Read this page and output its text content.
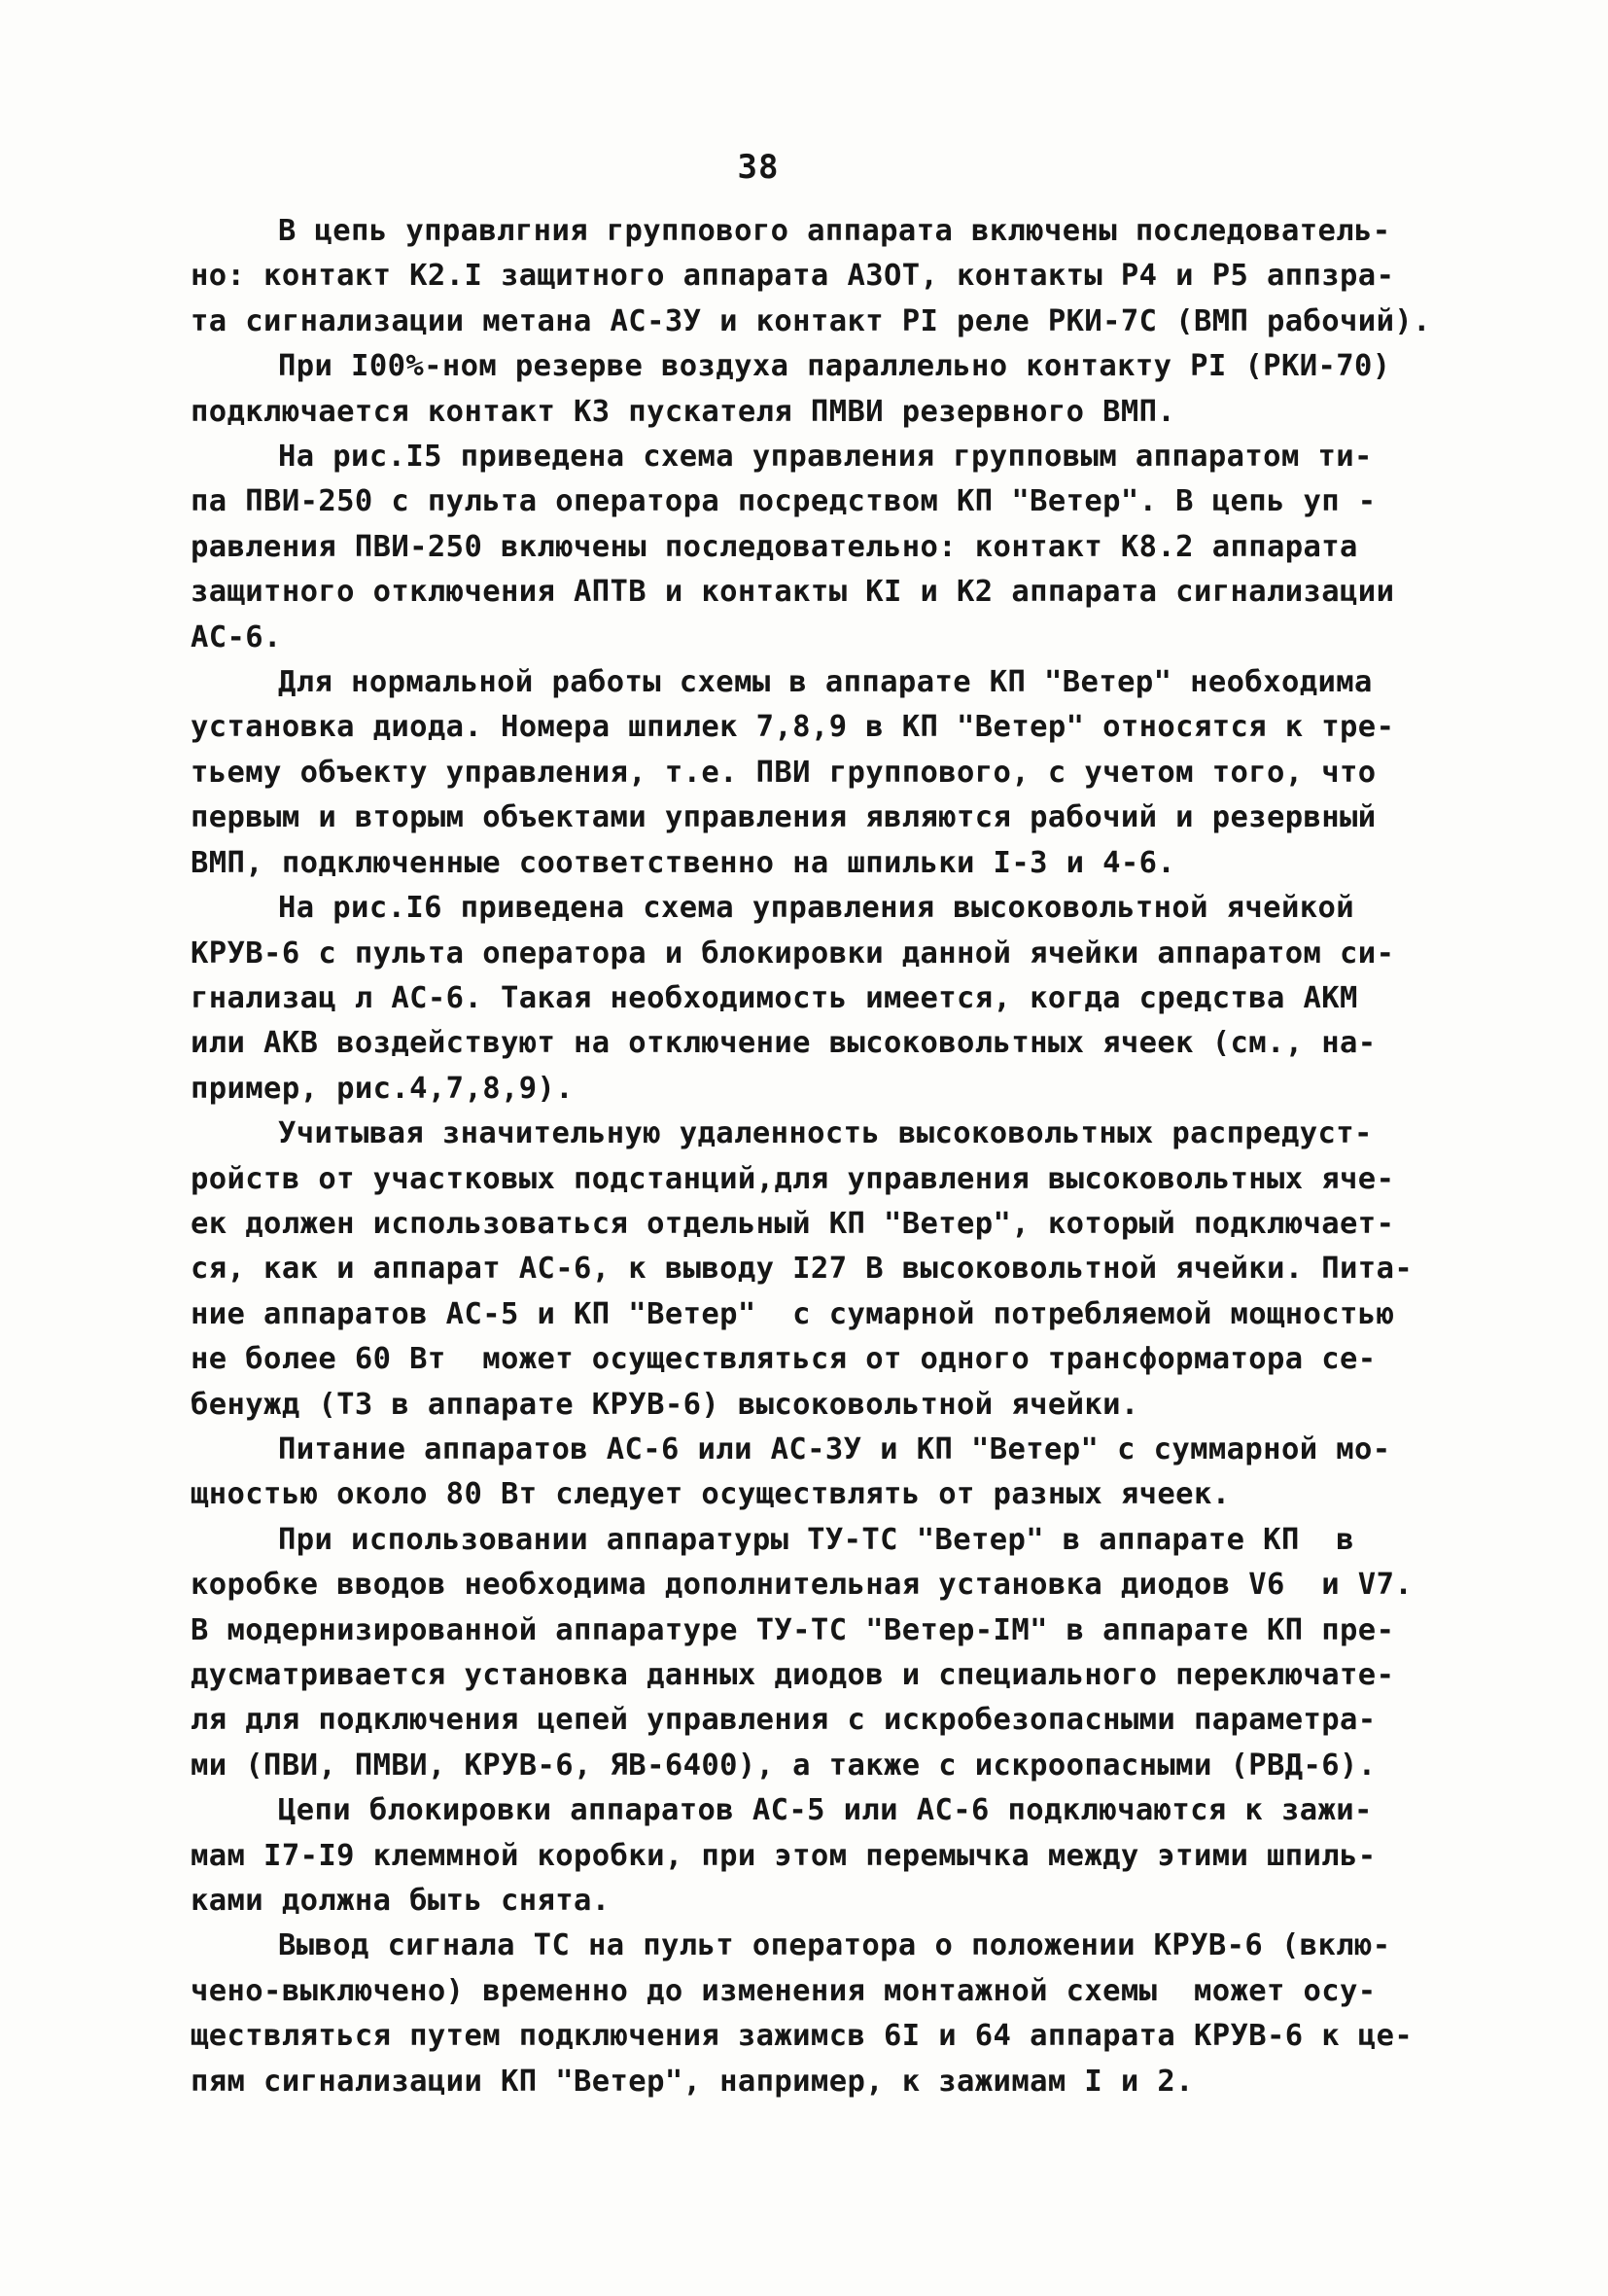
38
В цепь управлгния группового аппарата включены последователь-
но: контакт К2.I защитного аппарата АЗОТ, контакты Р4 и Р5 аппзра-
та сигнализации метана АС-ЗУ и контакт РI реле РКИ-7С (ВМП рабочий).
При I00%-ном резерве воздуха параллельно контакту РI (РКИ-70)
подключается контакт КЗ пускателя ПМВИ резервного ВМП.
На рис.I5 приведена схема управления групповым аппаратом ти-
па ПВИ-250 с пульта оператора посредством КП "Ветер". В цепь уп -
равления ПВИ-250 включены последовательно: контакт К8.2 аппарата
защитного отключения АПТВ и контакты КI и К2 аппарата сигнализации
АС-6.
Для нормальной работы схемы в аппарате КП "Ветер" необходима
установка диода. Номера шпилек 7,8,9 в КП "Ветер" относятся к тре-
тьему объекту управления, т.е. ПВИ группового, с учетом того, что
первым и вторым объектами управления являются рабочий и резервный
ВМП, подключенные соответственно на шпильки I-3 и 4-6.
На рис.I6 приведена схема управления высоковольтной ячейкой
КРУВ-6 с пульта оператора и блокировки данной ячейки аппаратом си-
гнализац л АС-6. Такая необходимость имеется, когда средства АКМ
или АКВ воздействуют на отключение высоковольтных ячеек (см., на-
пример, рис.4,7,8,9).
Учитывая значительную удаленность высоковольтных распредуст-
ройств от участковых подстанций,для управления высоковольтных яче-
ек должен использоваться отдельный КП "Ветер", который подключает-
ся, как и аппарат АС-6, к выводу I27 В высоковольтной ячейки. Пита-
ние аппаратов АС-5 и КП "Ветер"  с сумарной потребляемой мощностью
не более 60 Вт  может осуществляться от одного трансформатора се-
бенужд (ТЗ в аппарате КРУВ-6) высоковольтной ячейки.
Питание аппаратов АС-6 или АС-ЗУ и КП "Ветер" с суммарной мо-
щностью около 80 Вт следует осуществлять от разных ячеек.
При использовании аппаратуры ТУ-ТС "Ветер" в аппарате КП  в
коробке вводов необходима дополнительная установка диодов V6  и V7.
В модернизированной аппаратуре ТУ-ТС "Ветер-IМ" в аппарате КП пре-
дусматривается установка данных диодов и специального переключате-
ля для подключения цепей управления с искробезопасными параметра-
ми (ПВИ, ПМВИ, КРУВ-6, ЯВ-6400), а также с искроопасными (РВД-6).
Цепи блокировки аппаратов АС-5 или АС-6 подключаются к зажи-
мам I7-I9 клеммной коробки, при этом перемычка между этими шпиль-
ками должна быть снята.
Вывод сигнала ТС на пульт оператора о положении КРУВ-6 (вклю-
чено-выключено) временно до изменения монтажной схемы  может осу-
ществляться путем подключения зажимсв 6I и 64 аппарата КРУВ-6 к це-
пям сигнализации КП "Ветер", например, к зажимам I и 2.
